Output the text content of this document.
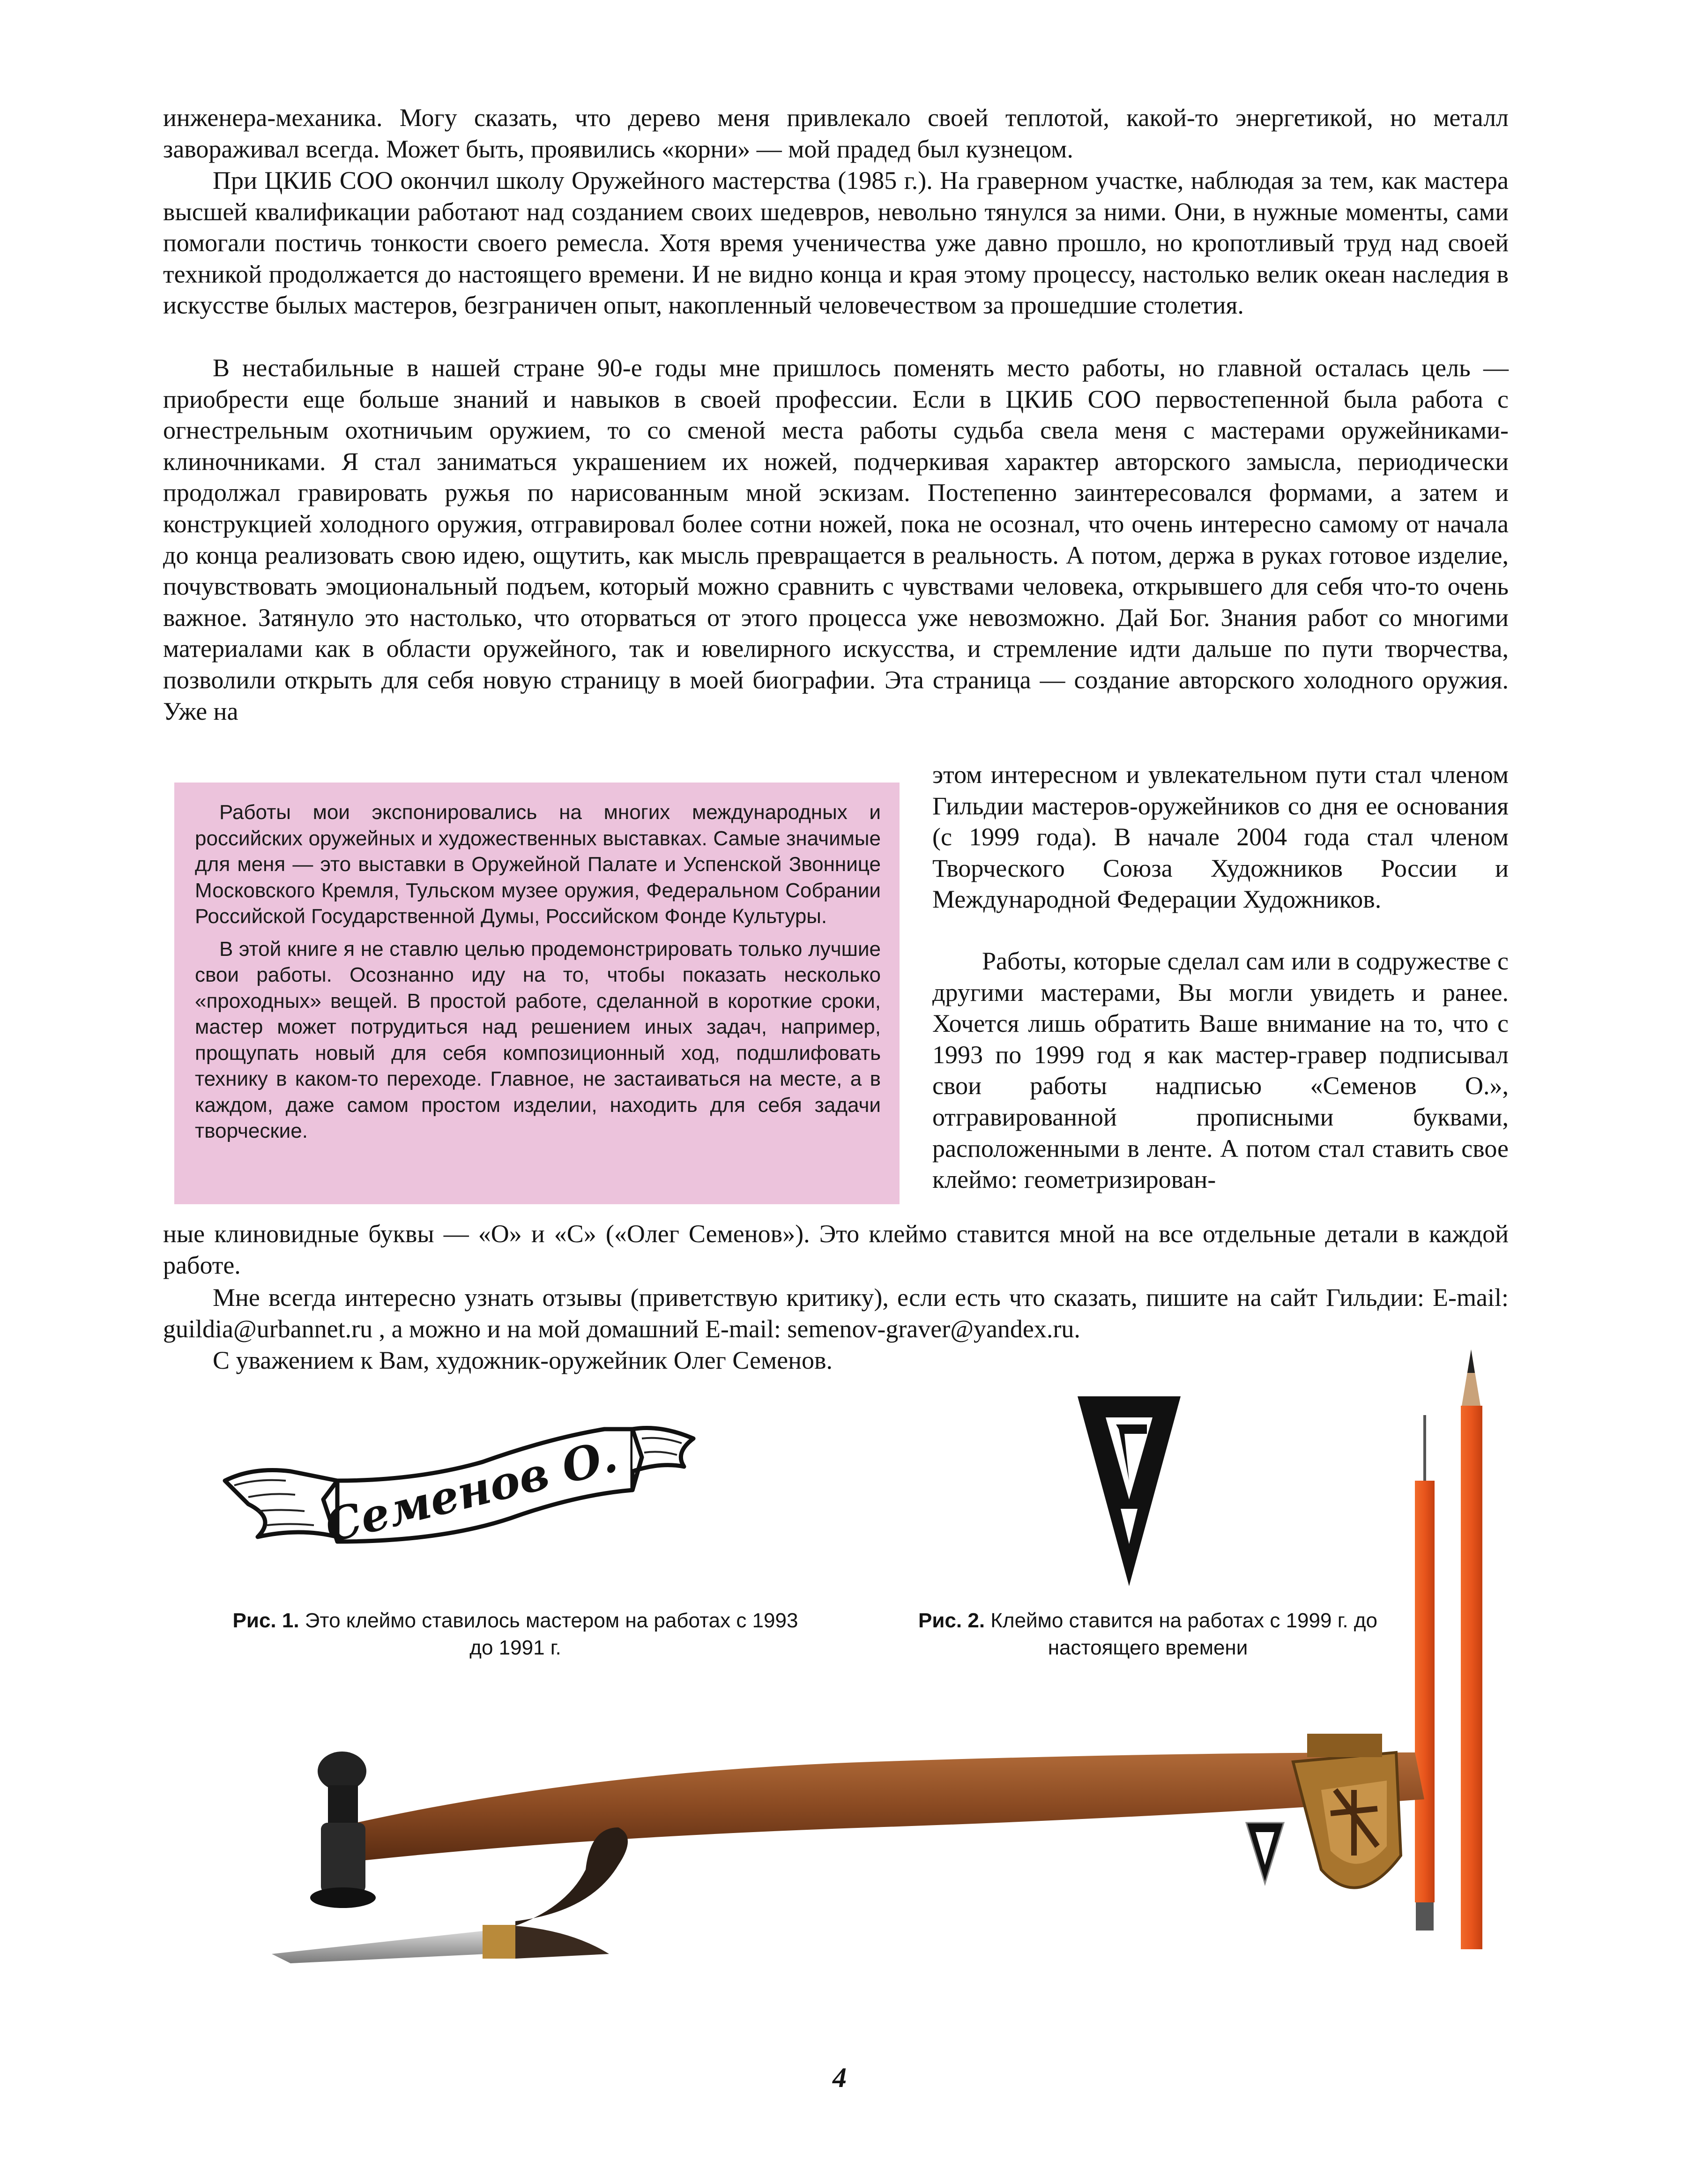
инженера-механика. Могу сказать, что дерево меня привлекало своей теплотой, какой-то энергетикой, но металл завораживал всегда. Может быть, проявились «корни» — мой прадед был кузнецом.

При ЦКИБ СОО окончил школу Оружейного мастерства (1985 г.). На граверном участке, наблюдая за тем, как мастера высшей квалификации работают над созданием своих шедевров, невольно тянулся за ними. Они, в нужные моменты, сами помогали постичь тонкости своего ремесла. Хотя время ученичества уже давно прошло, но кропотливый труд над своей техникой продолжается до настоящего времени. И не видно конца и края этому процессу, настолько велик океан наследия в искусстве былых мастеров, безграничен опыт, накопленный человечеством за прошедшие столетия.

В нестабильные в нашей стране 90-е годы мне пришлось поменять место работы, но главной осталась цель — приобрести еще больше знаний и навыков в своей профессии. Если в ЦКИБ СОО первостепенной была работа с огнестрельным охотничьим оружием, то со сменой места работы судьба свела меня с мастерами оружейниками-клиночниками. Я стал заниматься украшением их ножей, подчеркивая характер авторского замысла, периодически продолжал гравировать ружья по нарисованным мной эскизам. Постепенно заинтересовался формами, а затем и конструкцией холодного оружия, отгравировал более сотни ножей, пока не осознал, что очень интересно самому от начала до конца реализовать свою идею, ощутить, как мысль превращается в реальность. А потом, держа в руках готовое изделие, почувствовать эмоциональный подъем, который можно сравнить с чувствами человека, открывшего для себя что-то очень важное. Затянуло это настолько, что оторваться от этого процесса уже невозможно. Дай Бог. Знания работ со многими материалами как в области оружейного, так и ювелирного искусства, и стремление идти дальше по пути творчества, позволили открыть для себя новую страницу в моей биографии. Эта страница — создание авторского холодного оружия. Уже на

Работы мои экспонировались на многих международных и российских оружейных и художественных выставках. Самые значимые для меня — это выставки в Оружейной Палате и Успенской Звоннице Московского Кремля, Тульском музее оружия, Федеральном Собрании Российской Государственной Думы, Российском Фонде Культуры.

В этой книге я не ставлю целью продемонстрировать только лучшие свои работы. Осознанно иду на то, чтобы показать несколько «проходных» вещей. В простой работе, сделанной в короткие сроки, мастер может потрудиться над решением иных задач, например, прощупать новый для себя композиционный ход, подшлифовать технику в каком-то переходе. Главное, не застаиваться на месте, а в каждом, даже самом простом изделии, находить для себя задачи творческие.

этом интересном и увлекательном пути стал членом Гильдии мастеров-оружейников со дня ее основания (с 1999 года). В начале 2004 года стал членом Творческого Союза Художников России и Международной Федерации Художников.

Работы, которые сделал сам или в содружестве с другими мастерами, Вы могли увидеть и ранее. Хочется лишь обратить Ваше внимание на то, что с 1993 по 1999 год я как мастер-гравер подписывал свои работы надписью «Семенов О.», отгравированной прописными буквами, расположенными в ленте. А потом стал ставить свое клеймо: геометризирован-

ные клиновидные буквы — «О» и «С» («Олег Семенов»). Это клеймо ставится мной на все отдельные детали в каждой работе.

Мне всегда интересно узнать отзывы (приветствую критику), если есть что сказать, пишите на сайт Гильдии: E-mail: guildia@urbannet.ru , а можно и на мой домашний E-mail: semenov-graver@yandex.ru.

С уважением к Вам, художник-оружейник Олег Семенов.

Семенов О.

Рис. 1. Это клеймо ставилось мастером на работах с 1993 до 1991 г.

Рис. 2. Клеймо ставится на работах с 1999 г. до настоящего времени

4
